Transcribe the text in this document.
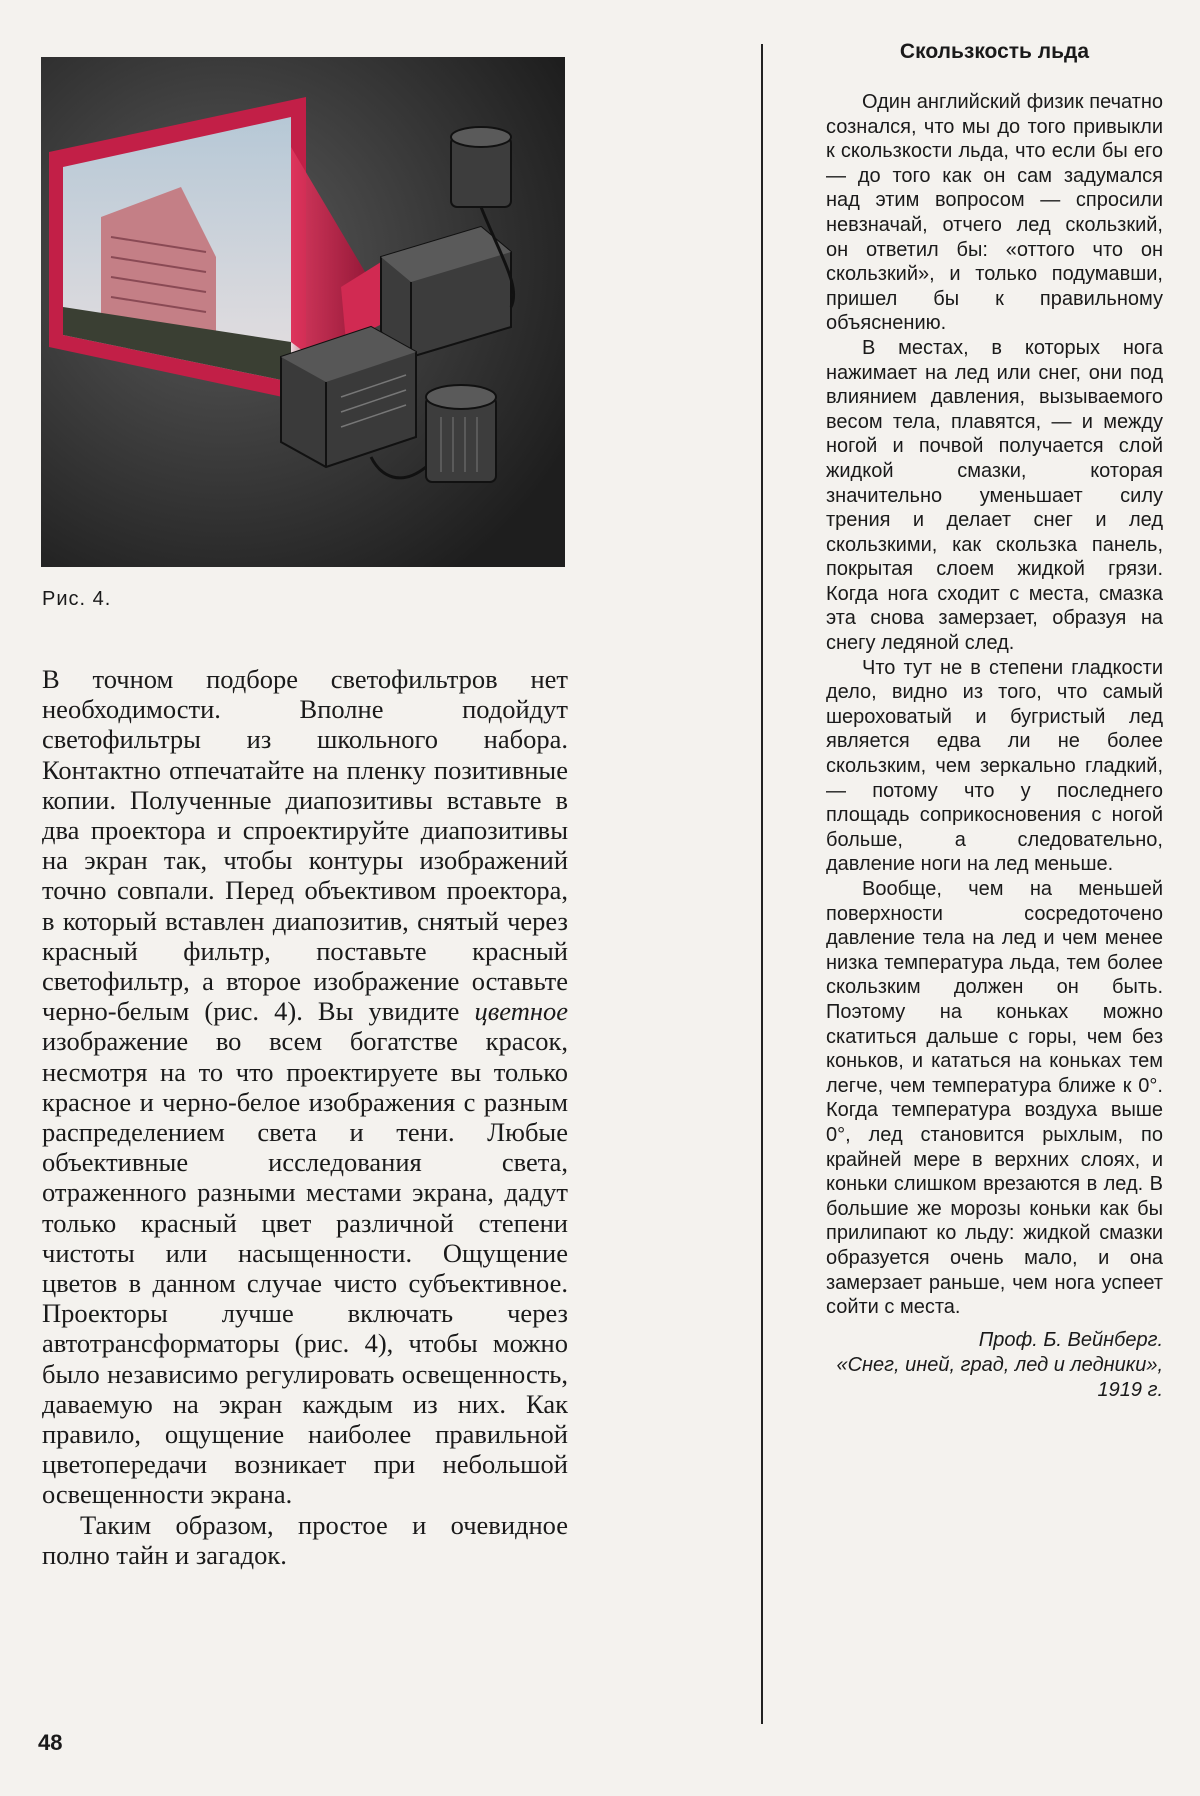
Рис. 4.

В точном подборе светофильтров нет необходимости. Вполне подойдут светофильтры из школьного набора. Контактно отпечатайте на пленку позитивные копии. Полученные диапозитивы вставьте в два проектора и спроектируйте диапозитивы на экран так, чтобы контуры изображений точно совпали. Перед объективом проектора, в который вставлен диапозитив, снятый через красный фильтр, поставьте красный светофильтр, а второе изображение оставьте черно-белым (рис. 4). Вы увидите цветное изображение во всем богатстве красок, несмотря на то что проектируете вы только красное и черно-белое изображения с разным распределением света и тени. Любые объективные исследования света, отраженного разными местами экрана, дадут только красный цвет различной степени чистоты или насыщенности. Ощущение цветов в данном случае чисто субъективное. Проекторы лучше включать через автотрансформаторы (рис. 4), чтобы можно было независимо регулировать освещенность, даваемую на экран каждым из них. Как правило, ощущение наиболее правильной цветопередачи возникает при небольшой освещенности экрана.

Таким образом, простое и очевидное полно тайн и загадок.

48
Скользкость льда

Один английский физик печатно сознался, что мы до того привыкли к скользкости льда, что если бы его — до того как он сам задумался над этим вопросом — спросили невзначай, отчего лед скользкий, он ответил бы: «оттого что он скользкий», и только подумавши, пришел бы к правильному объяснению.

В местах, в которых нога нажимает на лед или снег, они под влиянием давления, вызываемого весом тела, плавятся, — и между ногой и почвой получается слой жидкой смазки, которая значительно уменьшает силу трения и делает снег и лед скользкими, как скользка панель, покрытая слоем жидкой грязи. Когда нога сходит с места, смазка эта снова замерзает, образуя на снегу ледяной след.

Что тут не в степени гладкости дело, видно из того, что самый шероховатый и бугристый лед является едва ли не более скользким, чем зеркально гладкий, — потому что у последнего площадь соприкосновения с ногой больше, а следовательно, давление ноги на лед меньше.

Вообще, чем на меньшей поверхности сосредоточено давление тела на лед и чем менее низка температура льда, тем более скользким должен он быть. Поэтому на коньках можно скатиться дальше с горы, чем без коньков, и кататься на коньках тем легче, чем температура ближе к 0°. Когда температура воздуха выше 0°, лед становится рыхлым, по крайней мере в верхних слоях, и коньки слишком врезаются в лед. В большие же морозы коньки как бы прилипают ко льду: жидкой смазки образуется очень мало, и она замерзает раньше, чем нога успеет сойти с места.

Проф. Б. Вейнберг.
«Снег, иней, град, лед и ледники», 1919 г.
